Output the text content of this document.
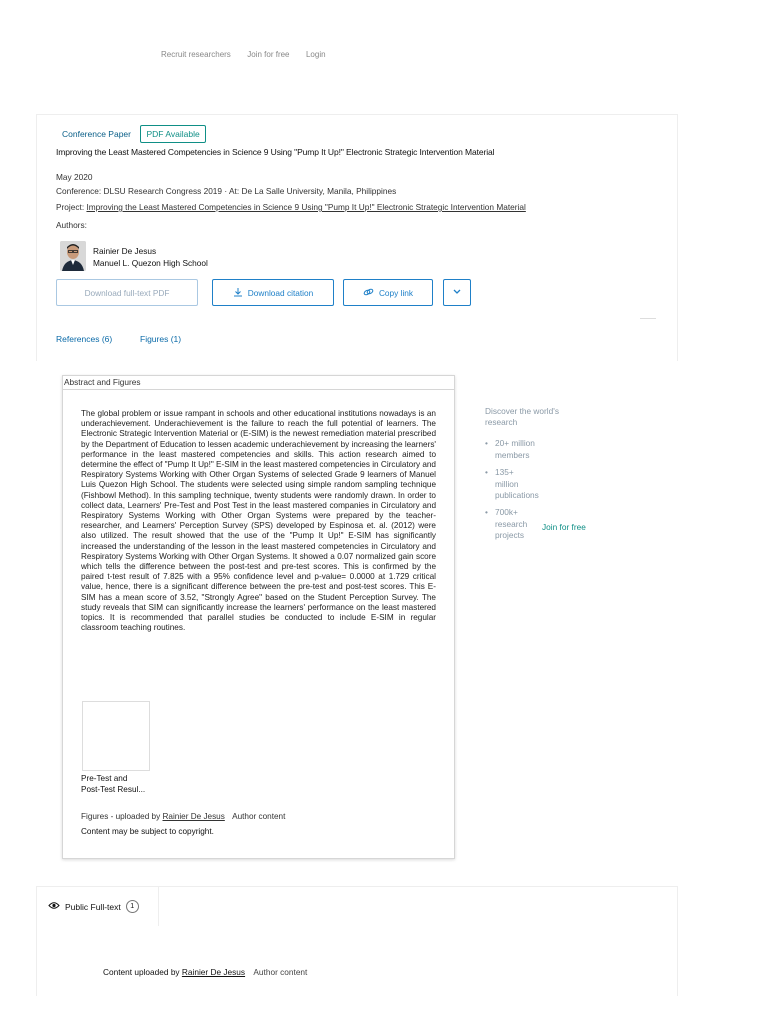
Recruit researchers Join for free Login
Conference Paper PDF Available
Improving the Least Mastered Competencies in Science 9 Using "Pump It Up!" Electronic Strategic Intervention Material
May 2020
Conference: DLSU Research Congress 2019 · At: De La Salle University, Manila, Philippines
Project: Improving the Least Mastered Competencies in Science 9 Using "Pump It Up!" Electronic Strategic Intervention Material
Authors:
Rainier De Jesus
Manuel L. Quezon High School
Download full-text PDF	Download citation	Copy link
References (6)	Figures (1)
Abstract and Figures
The global problem or issue rampant in schools and other educational institutions nowadays is an underachievement. Underachievement is the failure to reach the full potential of learners. The Electronic Strategic Intervention Material or (E-SIM) is the newest remediation material prescribed by the Department of Education to lessen academic underachievement by increasing the learners' performance in the least mastered competencies and skills. This action research aimed to determine the effect of "Pump It Up!" E-SIM in the least mastered competencies in Circulatory and Respiratory Systems Working with Other Organ Systems of selected Grade 9 learners of Manuel Luis Quezon High School. The students were selected using simple random sampling technique (Fishbowl Method). In this sampling technique, twenty students were randomly drawn. In order to collect data, Learners' Pre-Test and Post Test in the least mastered companies in Circulatory and Respiratory Systems Working with Other Organ Systems were prepared by the teacher-researcher, and Learners' Perception Survey (SPS) developed by Espinosa et. al. (2012) were also utilized. The result showed that the use of the "Pump It Up!" E-SIM has significantly increased the understanding of the lesson in the least mastered competencies in Circulatory and Respiratory Systems Working with Other Organ Systems. It showed a 0.07 normalized gain score which tells the difference between the post-test and pre-test scores. This is confirmed by the paired t-test result of 7.825 with a 95% confidence level and p-value= 0.0000 at 1.729 critical value, hence, there is a significant difference between the pre-test and post-test scores. This E-SIM has a mean score of 3.52, "Strongly Agree" based on the Student Perception Survey. The study reveals that SIM can significantly increase the learners' performance on the least mastered topics. It is recommended that parallel studies be conducted to include E-SIM in regular classroom teaching routines.
Pre-Test and
Post-Test Resul...
Figures - uploaded by Rainier De Jesus Author content
Content may be subject to copyright.
Discover the world's
research
• 20+ million
members
• 135+
million
publications
• 700k+
research
projects
Join for free
Public Full-text	1
Content uploaded by Rainier De Jesus Author content
